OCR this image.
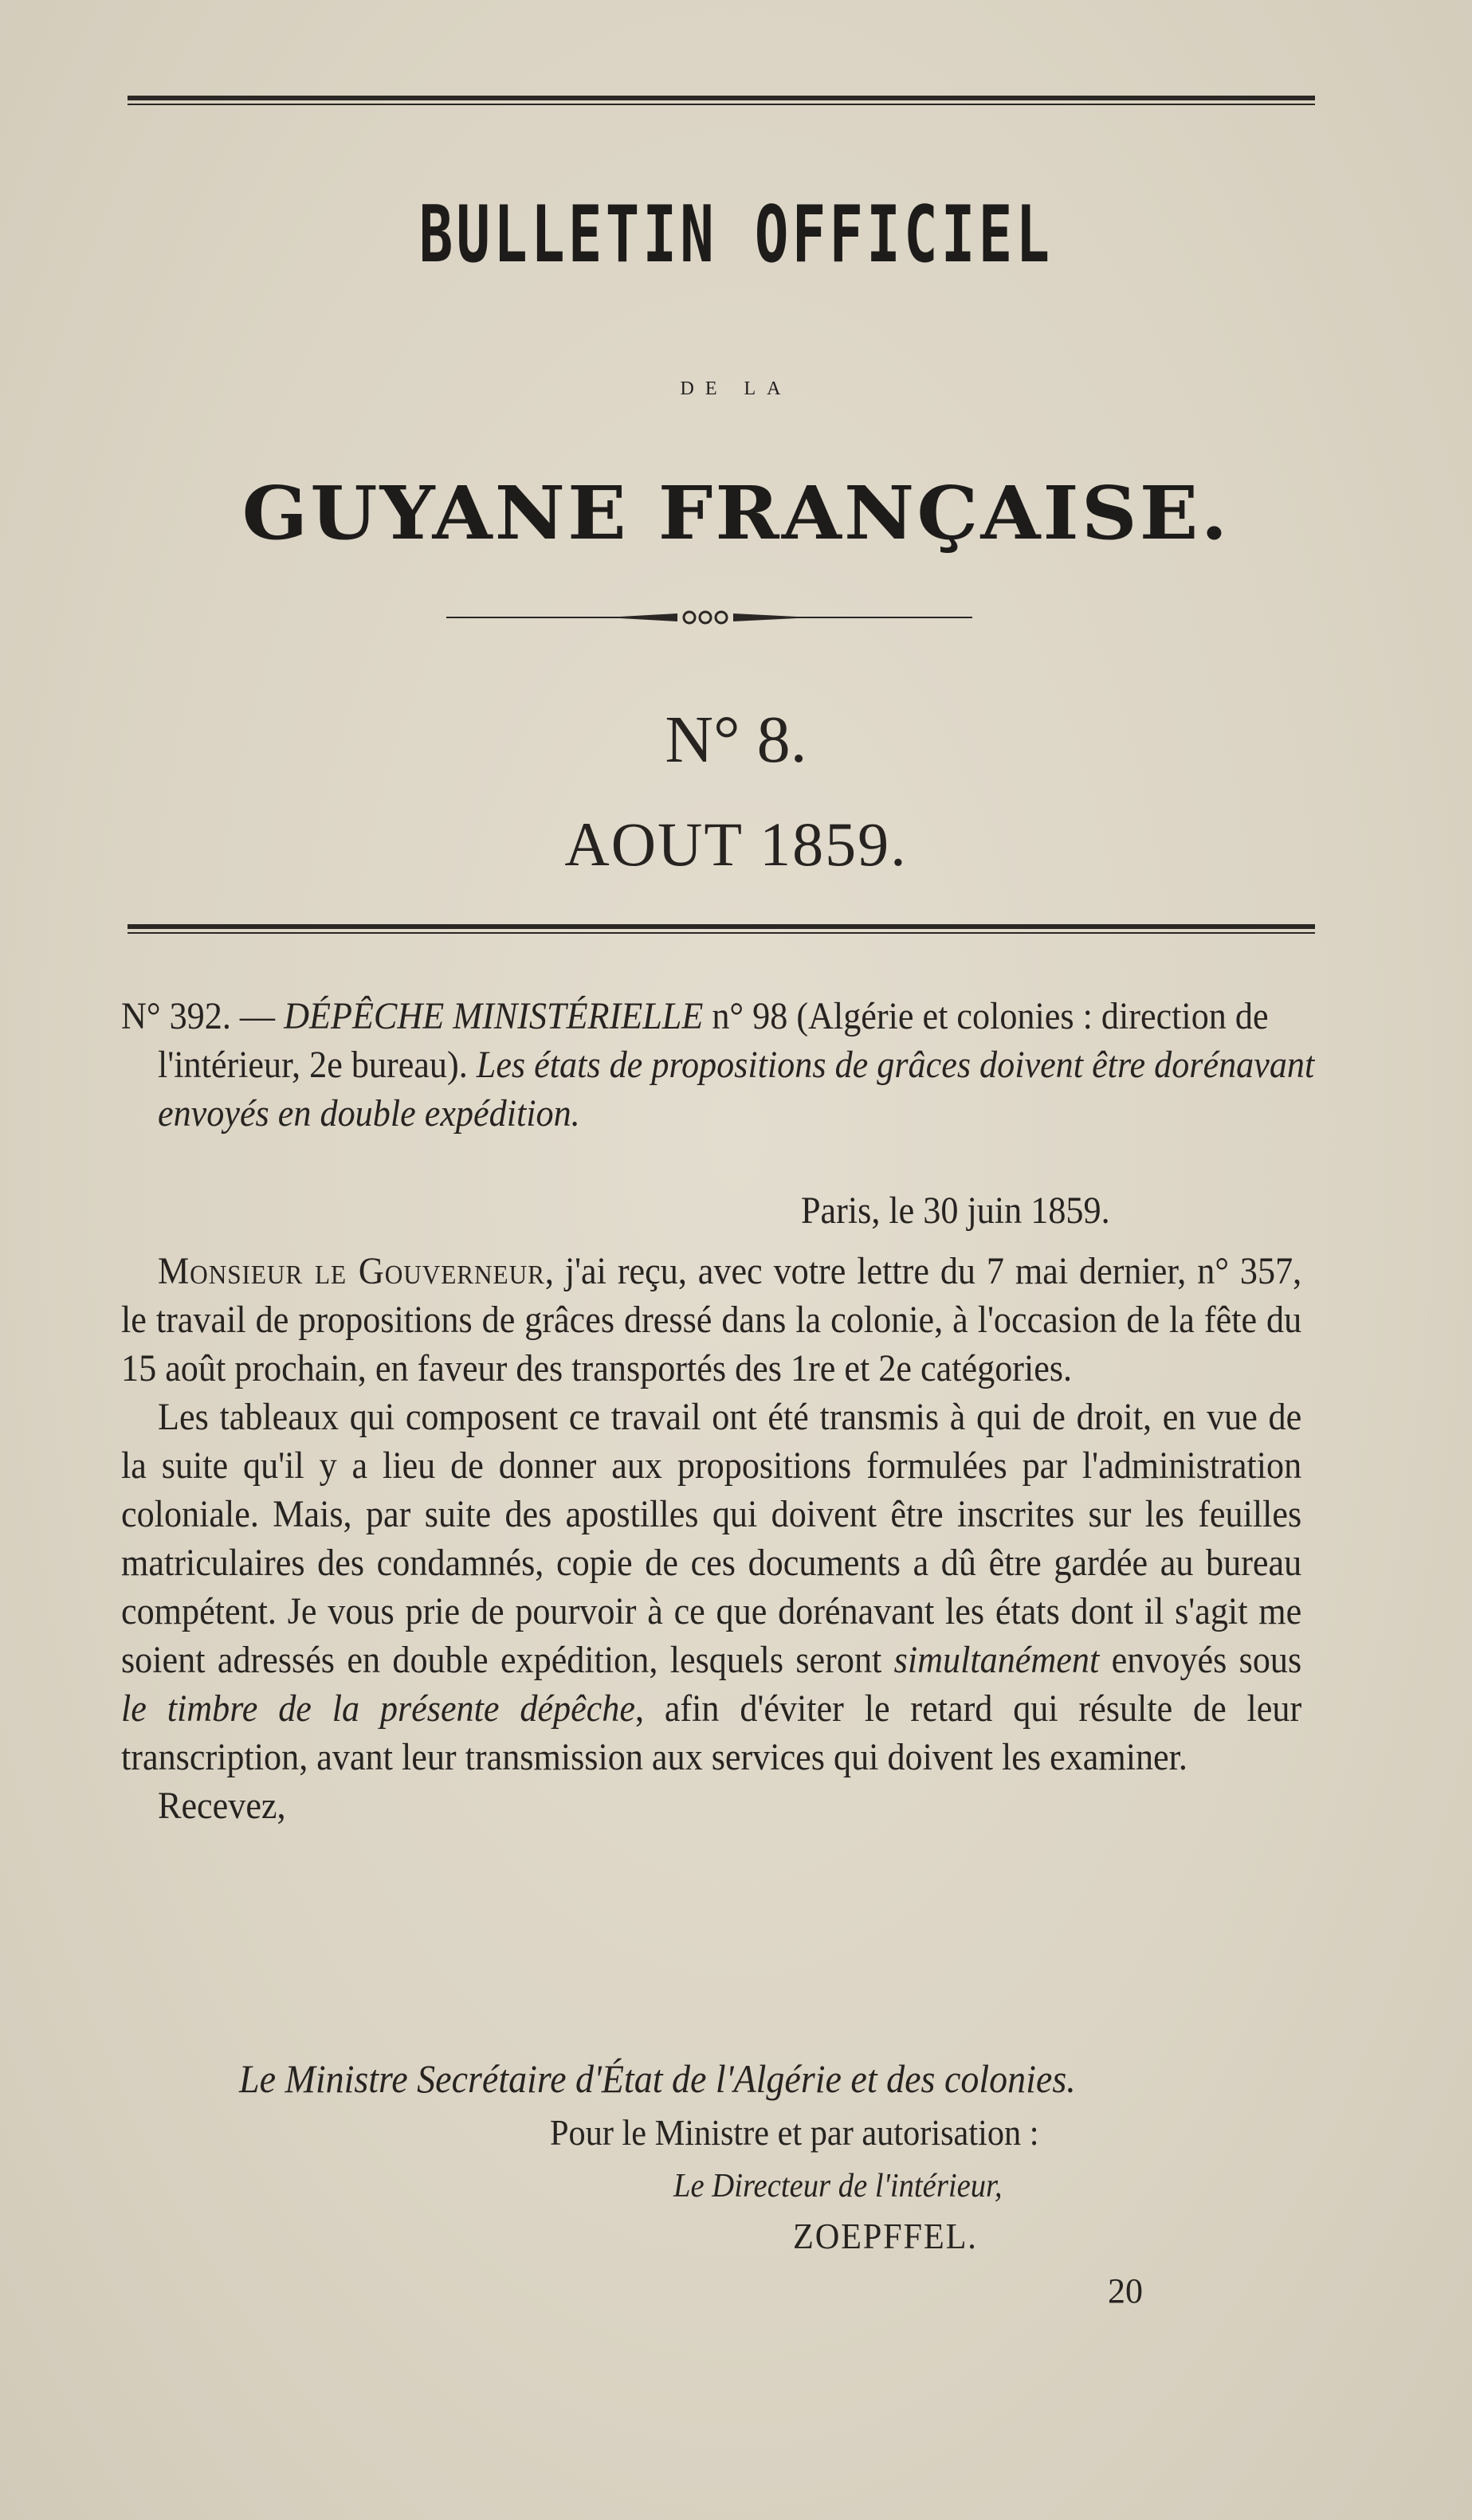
BULLETIN OFFICIEL
DE LA
GUYANE FRANÇAISE.
N° 8.
AOUT 1859.
N° 392. — DÉPÊCHE MINISTÉRIELLE n° 98 (Algérie et colonies : direction de l'intérieur, 2e bureau). Les états de propositions de grâces doivent être dorénavant envoyés en double expédition.
Paris, le 30 juin 1859.

Monsieur le Gouverneur, j'ai reçu, avec votre lettre du 7 mai dernier, n° 357, le travail de propositions de grâces dressé dans la colonie, à l'occasion de la fête du 15 août prochain, en faveur des transportés des 1re et 2e catégories.

Les tableaux qui composent ce travail ont été transmis à qui de droit, en vue de la suite qu'il y a lieu de donner aux propositions formulées par l'administration coloniale. Mais, par suite des apostilles qui doivent être inscrites sur les feuilles matriculaires des condamnés, copie de ces documents a dû être gardée au bureau compétent. Je vous prie de pourvoir à ce que dorénavant les états dont il s'agit me soient adressés en double expédition, lesquels seront simultanément envoyés sous le timbre de la présente dépêche, afin d'éviter le retard qui résulte de leur transcription, avant leur transmission aux services qui doivent les examiner.

Recevez,

Le Ministre Secrétaire d'État de l'Algérie et des colonies.
Pour le Ministre et par autorisation :
Le Directeur de l'intérieur,
ZOEPFFEL.
20
